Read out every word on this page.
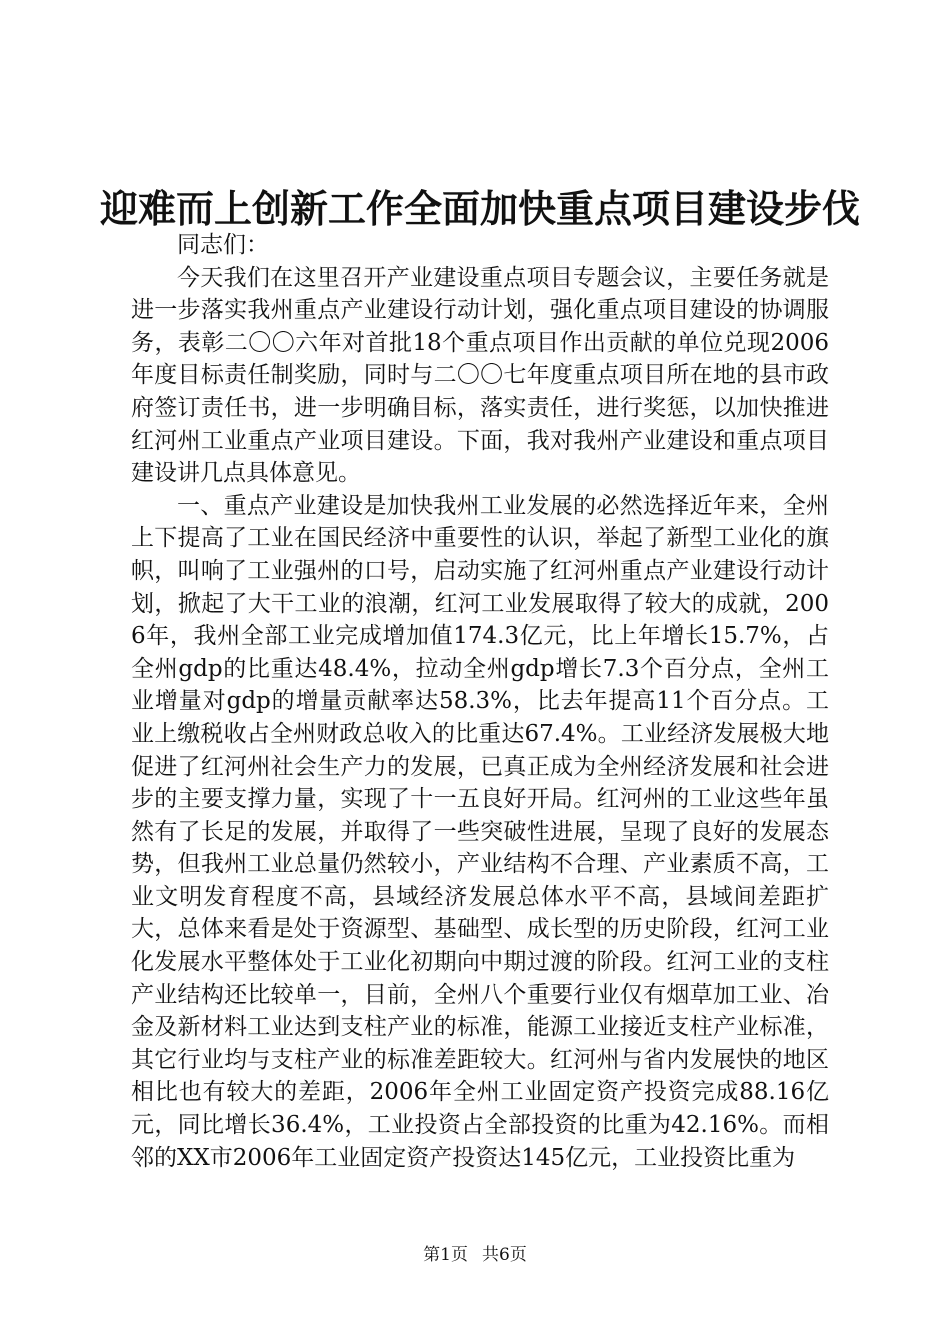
迎难而上创新工作全面加快重点项目建设步伐

同志们：

今天我们在这里召开产业建设重点项目专题会议，主要任务就是进一步落实我州重点产业建设行动计划，强化重点项目建设的协调服务，表彰二〇〇六年对首批18个重点项目作出贡献的单位兑现2006年度目标责任制奖励，同时与二〇〇七年度重点项目所在地的县市政府签订责任书，进一步明确目标，落实责任，进行奖惩，以加快推进红河州工业重点产业项目建设。下面，我对我州产业建设和重点项目建设讲几点具体意见。

一、重点产业建设是加快我州工业发展的必然选择近年来，全州上下提高了工业在国民经济中重要性的认识，举起了新型工业化的旗帜，叫响了工业强州的口号，启动实施了红河州重点产业建设行动计划，掀起了大干工业的浪潮，红河工业发展取得了较大的成就，2006年，我州全部工业完成增加值174.3亿元，比上年增长15.7%，占全州gdp的比重达48.4%，拉动全州gdp增长7.3个百分点，全州工业增量对gdp的增量贡献率达58.3%，比去年提高11个百分点。工业上缴税收占全州财政总收入的比重达67.4%。工业经济发展极大地促进了红河州社会生产力的发展，已真正成为全州经济发展和社会进步的主要支撑力量，实现了十一五良好开局。红河州的工业这些年虽然有了长足的发展，并取得了一些突破性进展，呈现了良好的发展态势，但我州工业总量仍然较小，产业结构不合理、产业素质不高，工业文明发育程度不高，县域经济发展总体水平不高，县域间差距扩大，总体来看是处于资源型、基础型、成长型的历史阶段，红河工业化发展水平整体处于工业化初期向中期过渡的阶段。红河工业的支柱产业结构还比较单一，目前，全州八个重要行业仅有烟草加工业、冶金及新材料工业达到支柱产业的标准，能源工业接近支柱产业标准，其它行业均与支柱产业的标准差距较大。红河州与省内发展快的地区相比也有较大的差距，2006年全州工业固定资产投资完成88.16亿元，同比增长36.4%，工业投资占全部投资的比重为42.16%。而相邻的XX市2006年工业固定资产投资达145亿元，工业投资比重为

第1页 共6页
